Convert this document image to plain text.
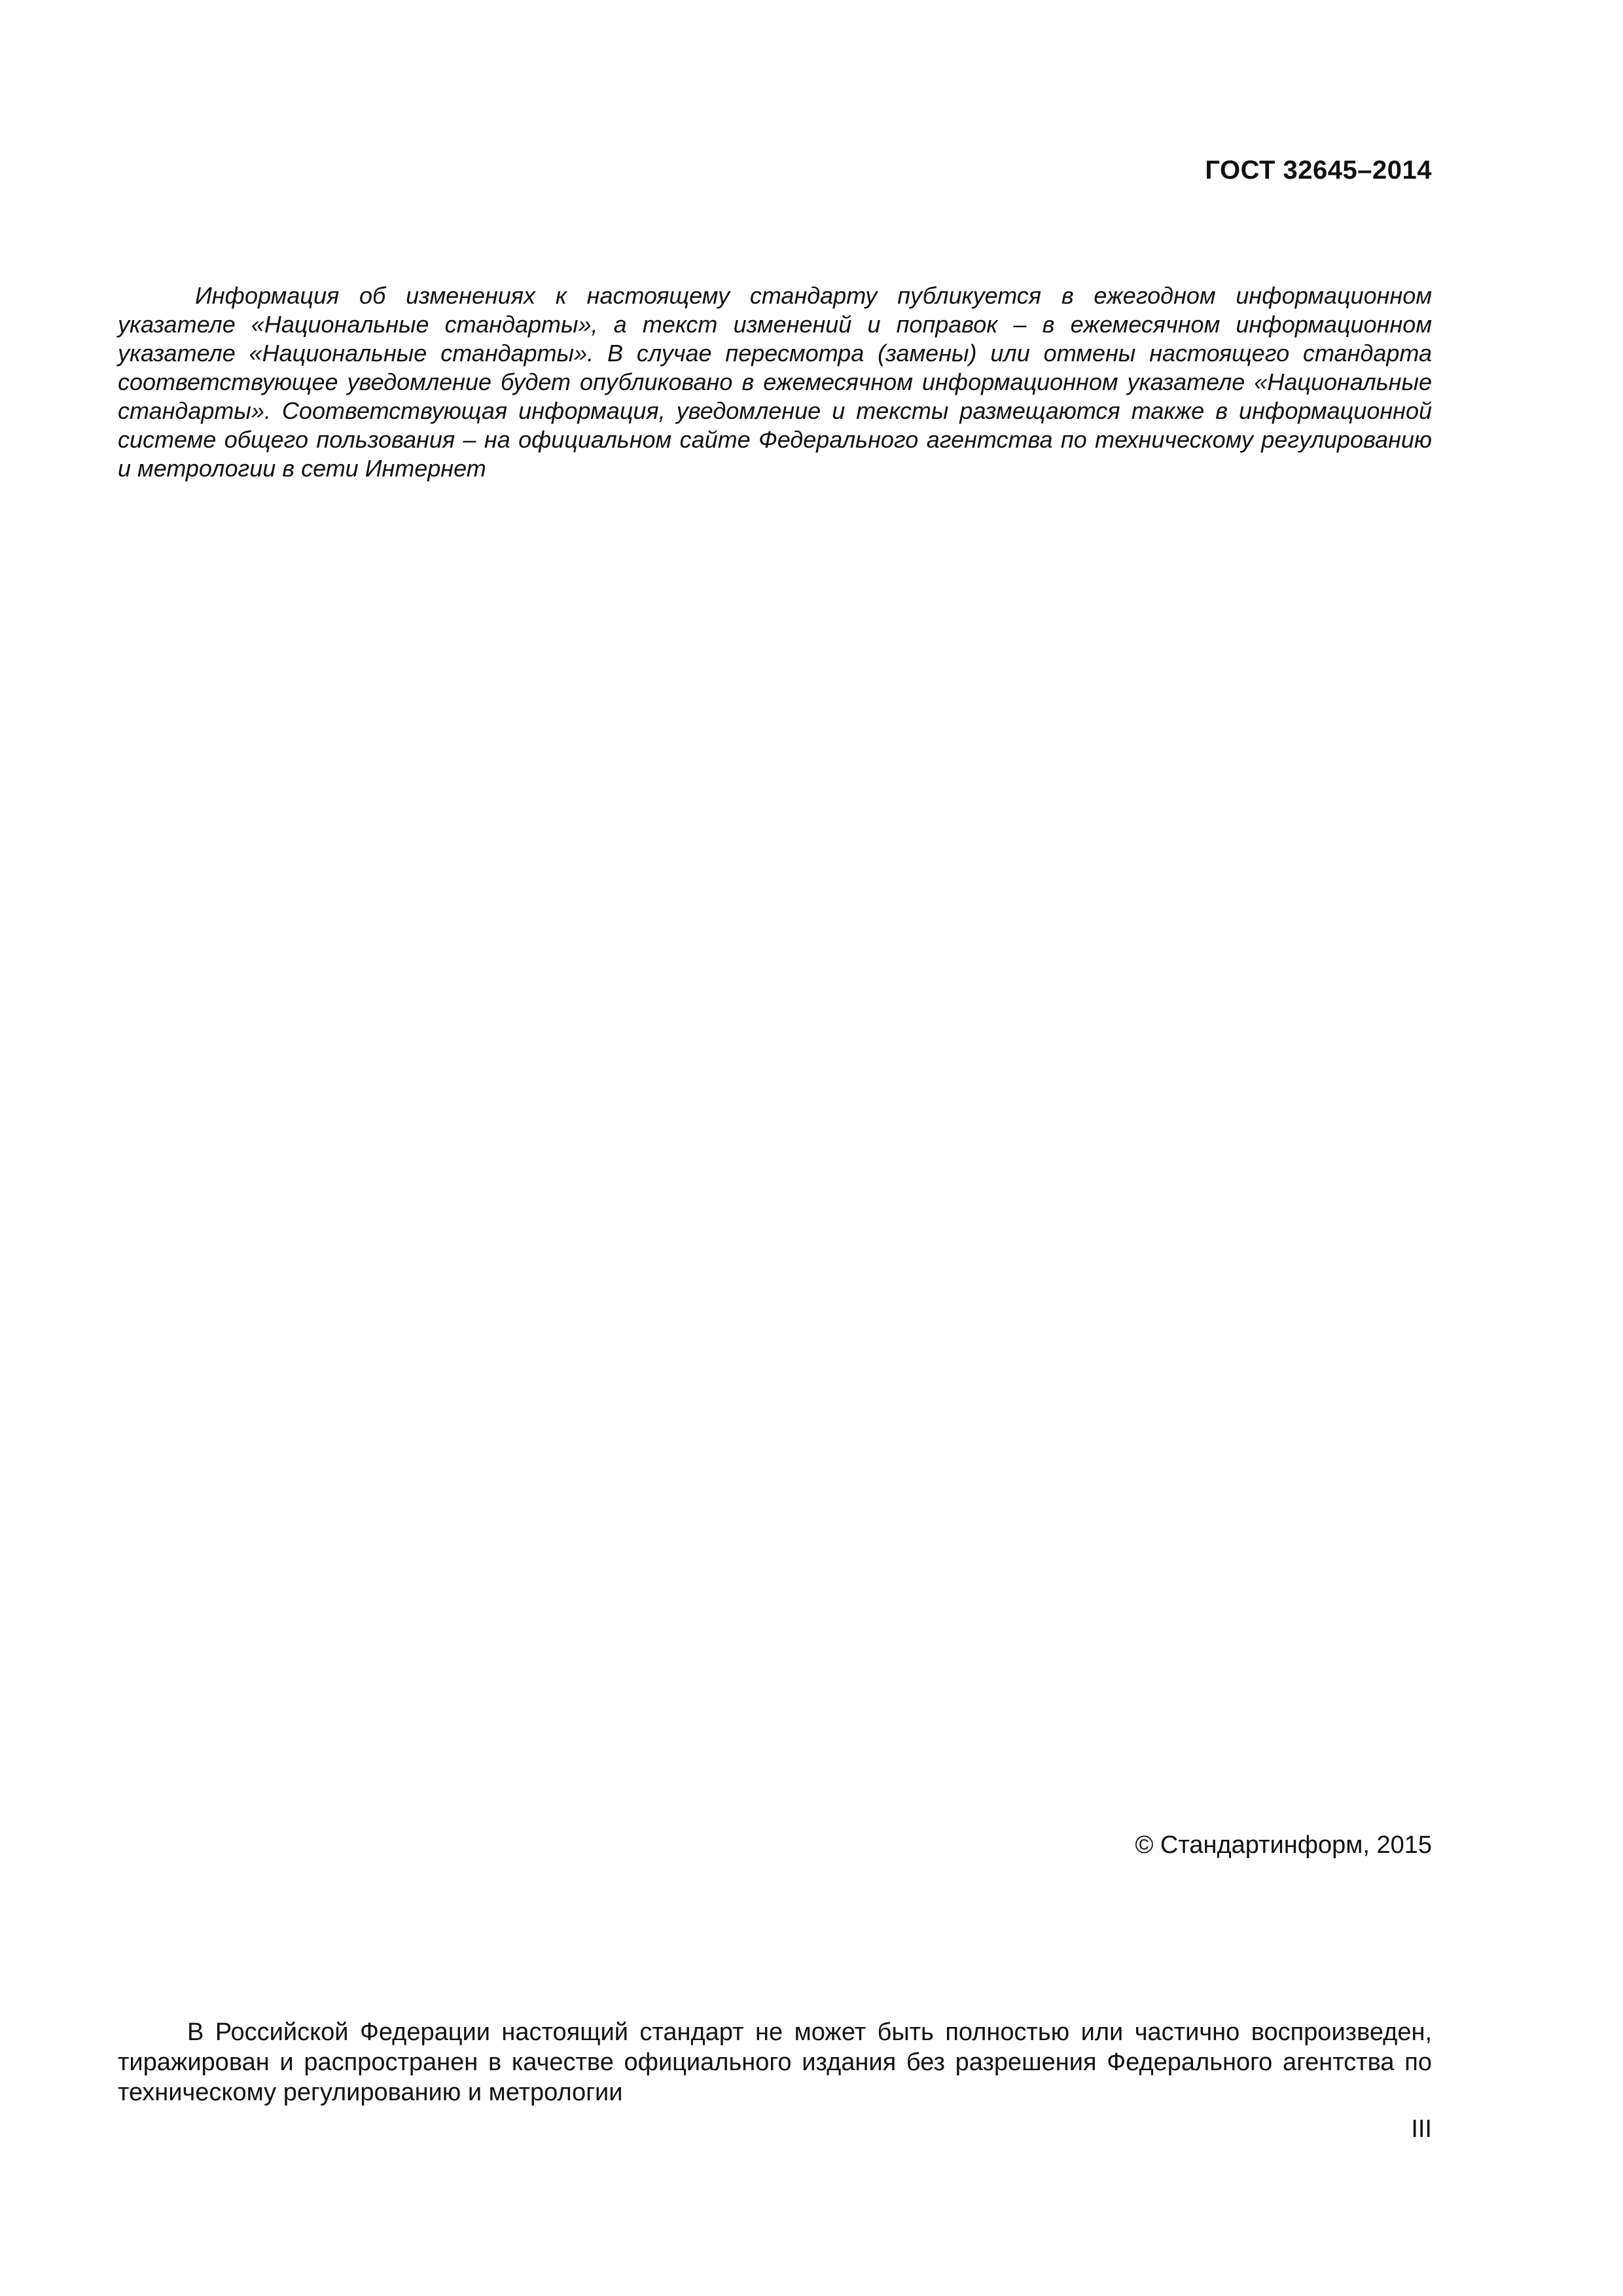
ГОСТ 32645–2014

Информация об изменениях к настоящему стандарту публикуется в ежегодном информационном указателе «Национальные стандарты», а текст изменений и поправок – в ежемесячном информационном указателе «Национальные стандарты». В случае пересмотра (замены) или отмены настоящего стандарта соответствующее уведомление будет опубликовано в ежемесячном информационном указателе «Национальные стандарты». Соответствующая информация, уведомление и тексты размещаются также в информационной системе общего пользования – на официальном сайте Федерального агентства по техническому регулированию и метрологии в сети Интернет

© Стандартинформ, 2015

В Российской Федерации настоящий стандарт не может быть полностью или частично воспроизведен, тиражирован и распространен в качестве официального издания без разрешения Федерального агентства по техническому регулированию и метрологии

III
